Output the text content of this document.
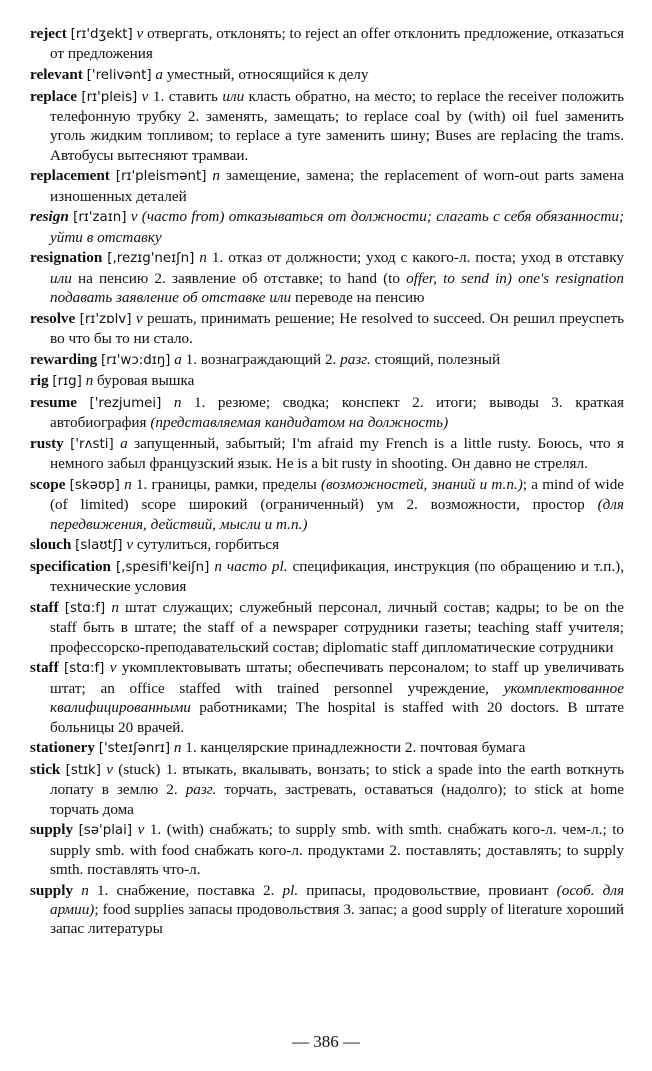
reject [rɪ'dʒekt] v отвергать, отклонять; to reject an offer отклонить предложение, отказаться от предложения

relevant ['relivənt] a уместный, относящийся к делу

replace [rɪ'pleis] v 1. ставить или класть обратно, на место; to replace the receiver положить телефонную трубку 2. заменять, замещать; to replace coal by (with) oil fuel заменить уголь жидким топливом; to replace a tyre заменить шину; Buses are replacing the trams. Автобусы вытесняют трамваи.

replacement [rɪ'pleismənt] n замещение, замена; the replacement of worn-out parts замена изношенных деталей

resign [rɪ'zaɪn] v (часто from) отказываться от должности; слагать с себя обязанности; уйти в отставку

resignation [,rezɪg'neɪʃn] n 1. отказ от должности; уход с какого-л. поста; уход в отставку или на пенсию 2. заявление об отставке; to hand (to offer, to send in) one's resignation подавать заявление об отставке или переводе на пенсию

resolve [rɪ'zɒlv] v решать, принимать решение; He resolved to succeed. Он решил преуспеть во что бы то ни стало.

rewarding [rɪ'wɔ:dɪŋ] a 1. вознаграждающий 2. разг. стоящий, полезный

rig [rɪg] n буровая вышка

resume ['rezjumei] n 1. резюме; сводка; конспект 2. итоги; выводы 3. краткая автобиография (представляемая кандидатом на должность)

rusty ['rʌsti] a запущенный, забытый; I'm afraid my French is a little rusty. Боюсь, что я немного забыл французский язык. He is a bit rusty in shooting. Он давно не стрелял.

scope [skəʊp] n 1. границы, рамки, пределы (возможностей, знаний и т.п.); a mind of wide (of limited) scope широкий (ограниченный) ум 2. возможности, простор (для передвижения, действий, мысли и т.п.)

slouch [slaʊtʃ] v сутулиться, горбиться

specification [,spesifi'keiʃn] n часто pl. спецификация, инструкция (по обращению и т.п.), технические условия

staff [stɑ:f] n штат служащих; служебный персонал, личный состав; кадры; to be on the staff быть в штате; the staff of a newspaper сотрудники газеты; teaching staff учителя; профессорско-преподавательский состав; diplomatic staff дипломатические сотрудники

staff [stɑ:f] v укомплектовывать штаты; обеспечивать персоналом; to staff up увеличивать штат; an office staffed with trained personnel учреждение, укомплектованное квалифицированными работниками; The hospital is staffed with 20 doctors. В штате больницы 20 врачей.

stationery ['steɪʃənrɪ] n 1. канцелярские принадлежности 2. почтовая бумага

stick [stɪk] v (stuck) 1. втыкать, вкалывать, вонзать; to stick a spade into the earth воткнуть лопату в землю 2. разг. торчать, застревать, оставаться (надолго); to stick at home торчать дома

supply [sə'plai] v 1. (with) снабжать; to supply smb. with smth. снабжать кого-л. чем-л.; to supply smb. with food снабжать кого-л. продуктами 2. поставлять; доставлять; to supply smth. поставлять что-л.

supply n 1. снабжение, поставка 2. pl. припасы, продовольствие, провиант (особ. для армии); food supplies запасы продовольствия 3. запас; a good supply of literature хороший запас литературы

— 386 —
